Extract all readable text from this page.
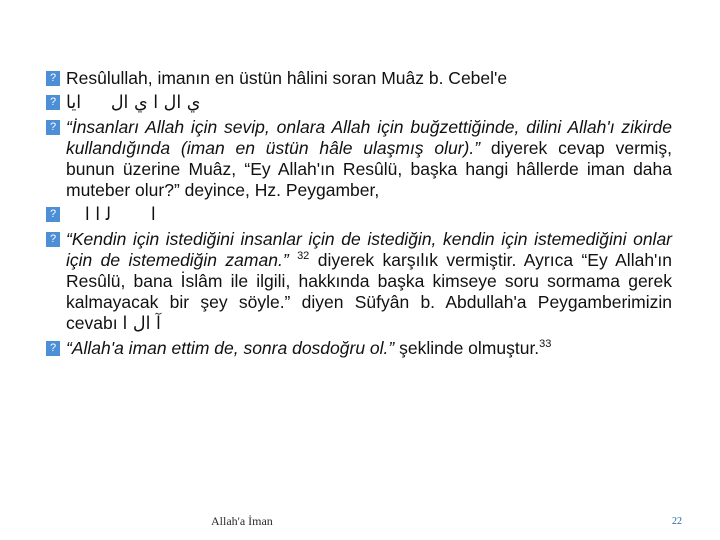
? Resûlullah, imanın en üstün hâlini soran Muâz b. Cebel'e
?	ي ال ا ي ال  ايا
? “İnsanları Allah için sevip, onlara Allah için buğzettiğinde, dilini Allah'ı zikirde kullandığında (iman en üstün hâle ulaşmış olur).” diyerek cevap vermiş, bunun üzerine Muâz, “Ey Allah'ın Resûlü, başka hangi hâllerde iman daha muteber olur?” deyince, Hz. Peygamber,
?	ا  ﻟ ا ا
? “Kendin için istediğini insanlar için de istediğin, kendin için istemediğini onlar için de istemediğin zaman.” $^{32}$ diyerek karşılık vermiştir. Ayrıca “Ey Allah'ın Resûlü, bana İslâm ile ilgili, hakkında başka kimseye soru sormama gerek kalmayacak bir şey söyle.” diyen Süfyân b. Abdullah'a Peygamberimizin cevabı آ ال ا
? “Allah'a iman ettim de, sonra dosdoğru ol.” şeklinde olmuştur.$^{33}$
Allah'a İman	22
